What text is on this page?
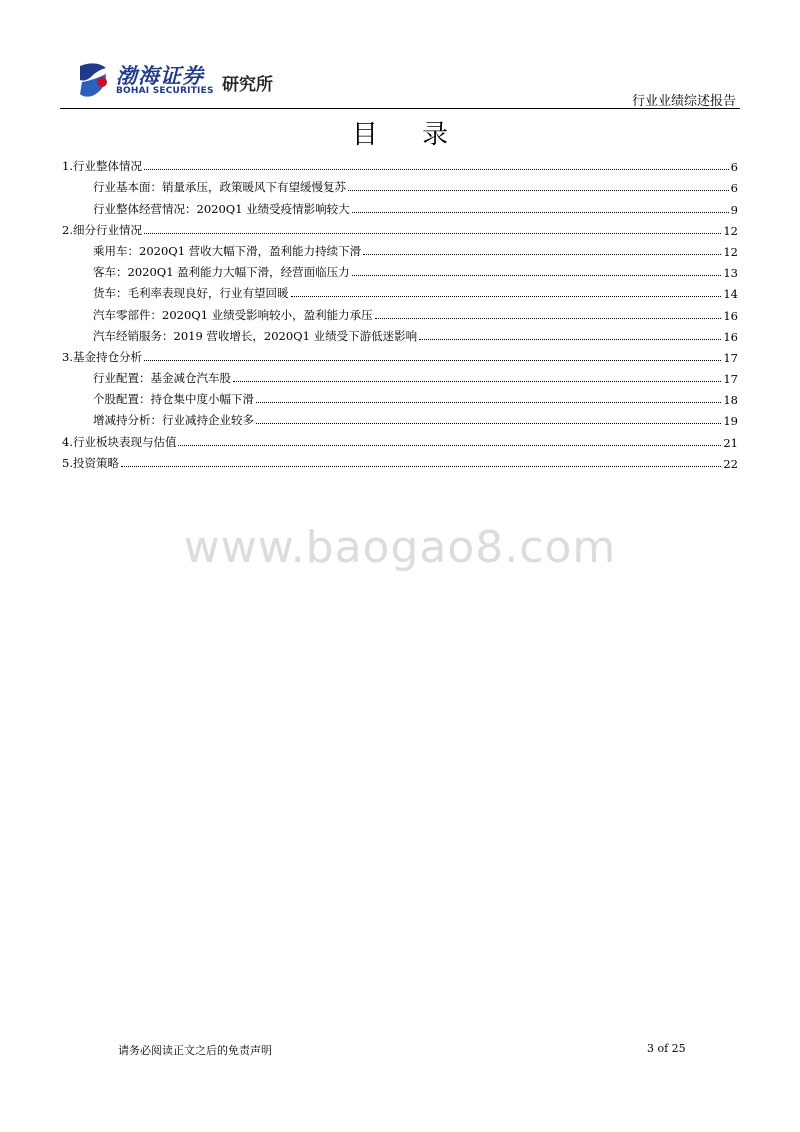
渤海证券
BOHAI SECURITIES 研究所
行业业绩综述报告
目 录
1.行业整体情况	6
行业基本面：销量承压，政策暖风下有望缓慢复苏	6
行业整体经营情况：2020Q1 业绩受疫情影响较大	9
2.细分行业情况	12
乘用车：2020Q1 营收大幅下滑，盈利能力持续下滑	12
客车：2020Q1 盈利能力大幅下滑，经营面临压力	13
货车：毛利率表现良好，行业有望回暖	14
汽车零部件：2020Q1 业绩受影响较小，盈利能力承压	16
汽车经销服务：2019 营收增长，2020Q1 业绩受下游低迷影响	16
3.基金持仓分析	17
行业配置：基金减仓汽车股	17
个股配置：持仓集中度小幅下滑	18
增减持分析：行业减持企业较多	19
4.行业板块表现与估值	21
5.投资策略	22
www.baogao8.com
请务必阅读正文之后的免责声明	3 of 25
